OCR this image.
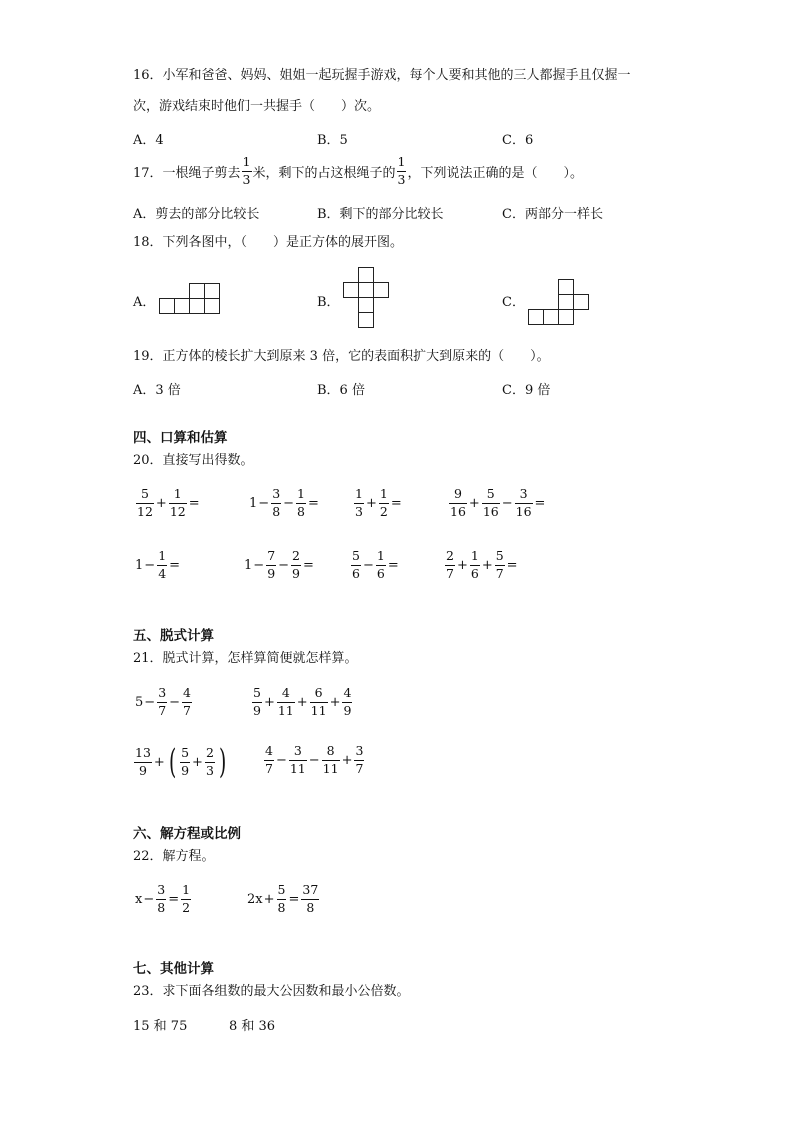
16．小军和爸爸、妈妈、姐姐一起玩握手游戏，每个人要和其他的三人都握手且仅握一
次，游戏结束时他们一共握手（　　）次。
A．4	B．5	C．6
17．一根绳子剪去 $\frac{1}{3}$ 米，剩下的占这根绳子的 $\frac{1}{3}$ ，下列说法正确的是（　　）。
A．剪去的部分比较长	B．剩下的部分比较长	C．两部分一样长
18．下列各图中，（　　）是正方体的展开图。
A．	B．	C．
19．正方体的棱长扩大到原来 3 倍，它的表面积扩大到原来的（　　）。
A．3 倍	B．6 倍	C．9 倍
四、口算和估算
20．直接写出得数。
$\frac{5}{12} + \frac{1}{12}$ =	$1 - \frac{3}{8} - \frac{1}{8}$ =	$\frac{1}{3} + \frac{1}{2}$ =	$\frac{9}{16} + \frac{5}{16} - \frac{3}{16}$ =
$1 - \frac{1}{4}$ =	$1 - \frac{7}{9} - \frac{2}{9}$ =	$\frac{5}{6} - \frac{1}{6}$ =	$\frac{2}{7} + \frac{1}{6} + \frac{5}{7}$ =
五、脱式计算
21．脱式计算，怎样算简便就怎样算。
$5 - \frac{3}{7} - \frac{4}{7}$	$\frac{5}{9} + \frac{4}{11} + \frac{6}{11} + \frac{4}{9}$
$\frac{13}{9}$ + ( $\frac{5}{9} + \frac{2}{3}$ )	$\frac{4}{7} - \frac{3}{11} - \frac{8}{11} + \frac{3}{7}$
六、解方程或比例
22．解方程。
$x - \frac{3}{8} = \frac{1}{2}$	$2x + \frac{5}{8} = \frac{37}{8}$
七、其他计算
23．求下面各组数的最大公因数和最小公倍数。
15 和 75	8 和 36
